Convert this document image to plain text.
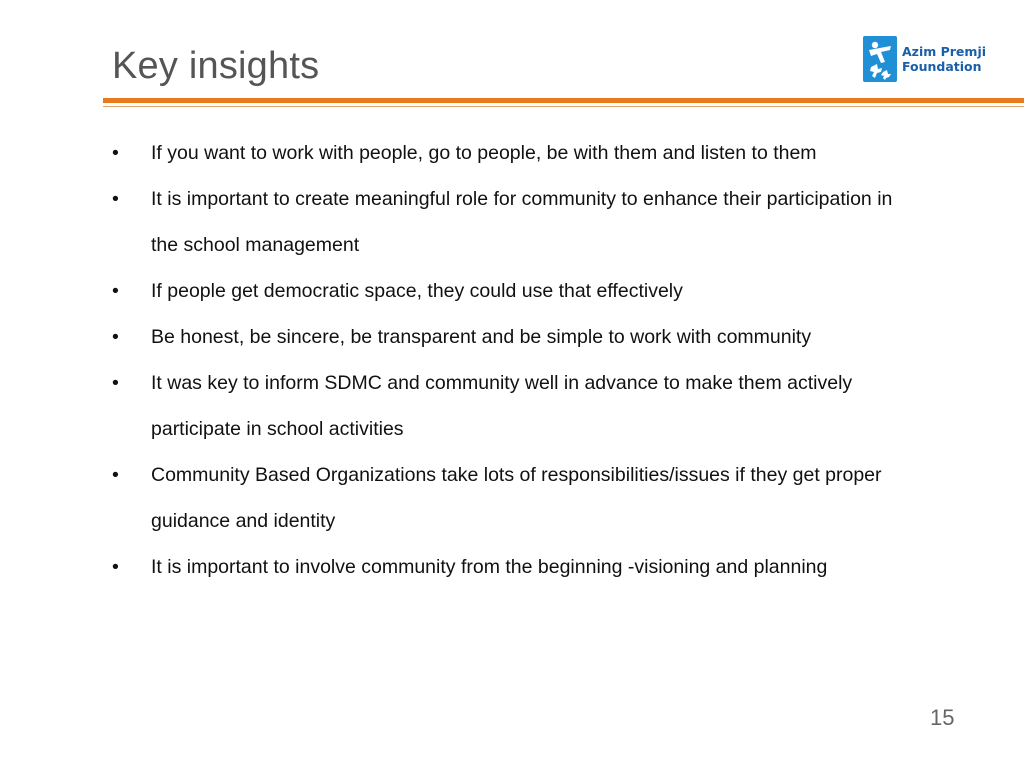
Key insights	Azim Premji
Foundation
•	If you want to work with people, go to people, be with them and listen to them
•	It is important to create meaningful role for community to enhance their participation in the school management
•	If people get democratic space, they could use that effectively
•	Be honest, be sincere, be transparent and be simple to work with community
•	It was key to inform SDMC and community well in advance to make them actively participate in school activities
•	Community Based Organizations take lots of responsibilities/issues if they get proper guidance and identity
•	It is important to involve community from the beginning -visioning and planning
15
